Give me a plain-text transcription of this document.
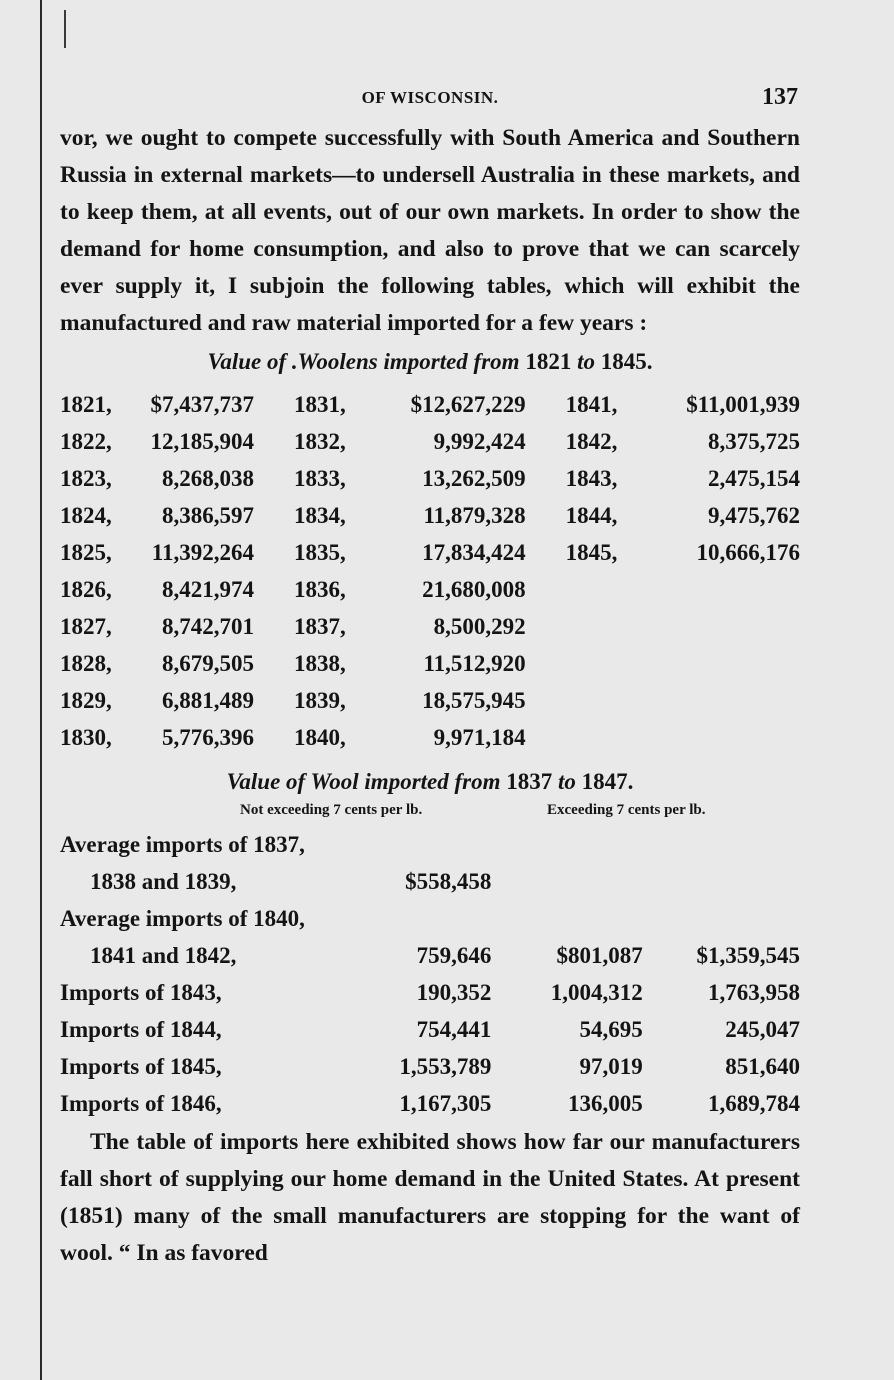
OF WISCONSIN.	137

vor, we ought to compete successfully with South America and Southern Russia in external markets—to undersell Australia in these markets, and to keep them, at all events, out of our own markets. In order to show the demand for home consumption, and also to prove that we can scarcely ever supply it, I subjoin the following tables, which will exhibit the manufactured and raw material imported for a few years :

Value of .Woolens imported from 1821 to 1845.
1821,	$7,437,737	1831,	$12,627,229	1841,	$11,001,939
1822,	12,185,904	1832,	9,992,424	1842,	8,375,725
1823,	8,268,038	1833,	13,262,509	1843,	2,475,154
1824,	8,386,597	1834,	11,879,328	1844,	9,475,762
1825,	11,392,264	1835,	17,834,424	1845,	10,666,176
1826,	8,421,974	1836,	21,680,008		
1827,	8,742,701	1837,	8,500,292		
1828,	8,679,505	1838,	11,512,920		
1829,	6,881,489	1839,	18,575,945		
1830,	5,776,396	1840,	9,971,184		
Value of Wool imported from 1837 to 1847.
Not exceeding 7 cents per lb.	Exceeding 7 cents per lb.
Average imports of 1837,			
1838 and 1839,	$558,458		
Average imports of 1840,			
1841 and 1842,	759,646	$801,087	$1,359,545
Imports of 1843,	190,352	1,004,312	1,763,958
Imports of 1844,	754,441	54,695	245,047
Imports of 1845,	1,553,789	97,019	851,640
Imports of 1846,	1,167,305	136,005	1,689,784

The table of imports here exhibited shows how far our manufacturers fall short of supplying our home demand in the United States. At present (1851) many of the small manufacturers are stopping for the want of wool. “ In as favored
